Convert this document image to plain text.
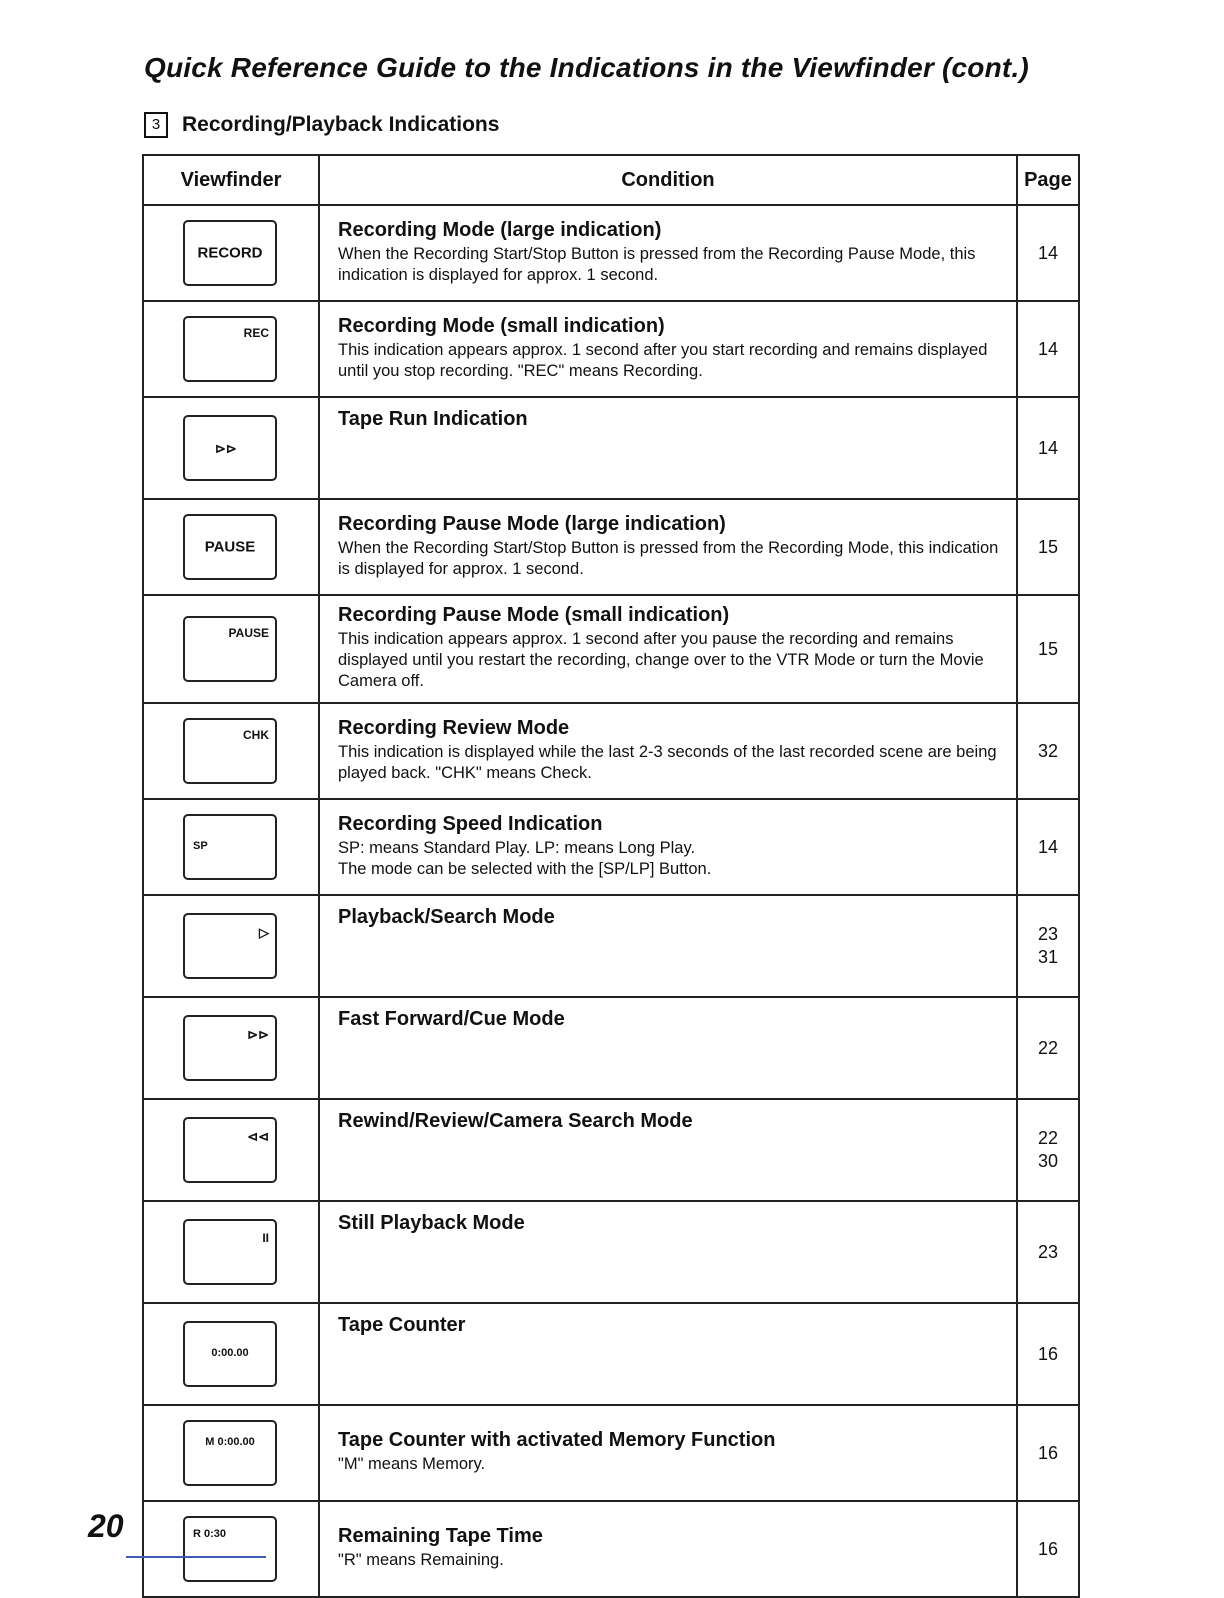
Quick Reference Guide to the Indications in the Viewfinder (cont.)
3	Recording/Playback Indications
Viewfinder	Condition	Page

RECORD	Recording Mode (large indication)
When the Recording Start/Stop Button is pressed from the Recording Pause Mode, this indication is displayed for approx. 1 second.	14

REC	Recording Mode (small indication)
This indication appears approx. 1 second after you start recording and remains displayed until you stop recording. "REC" means Recording.	14

⊳⊳	Tape Run Indication	14

PAUSE	Recording Pause Mode (large indication)
When the Recording Start/Stop Button is pressed from the Recording Mode, this indication is displayed for approx. 1 second.	15

PAUSE	Recording Pause Mode (small indication)
This indication appears approx. 1 second after you pause the recording and remains displayed until you restart the recording, change over to the VTR Mode or turn the Movie Camera off.	15

CHK	Recording Review Mode
This indication is displayed while the last 2-3 seconds of the last recorded scene are being played back. "CHK" means Check.	32

SP	Recording Speed Indication
SP: means Standard Play. LP: means Long Play.
The mode can be selected with the [SP/LP] Button.	14

▷	Playback/Search Mode	23
31

⊳⊳	Fast Forward/Cue Mode	22

⊲⊲	Rewind/Review/Camera Search Mode	22
30

II	Still Playback Mode	23

0:00.00	Tape Counter	16

M 0:00.00	Tape Counter with activated Memory Function
"M" means Memory.	16

R 0:30	Remaining Tape Time
"R" means Remaining.	16
20
